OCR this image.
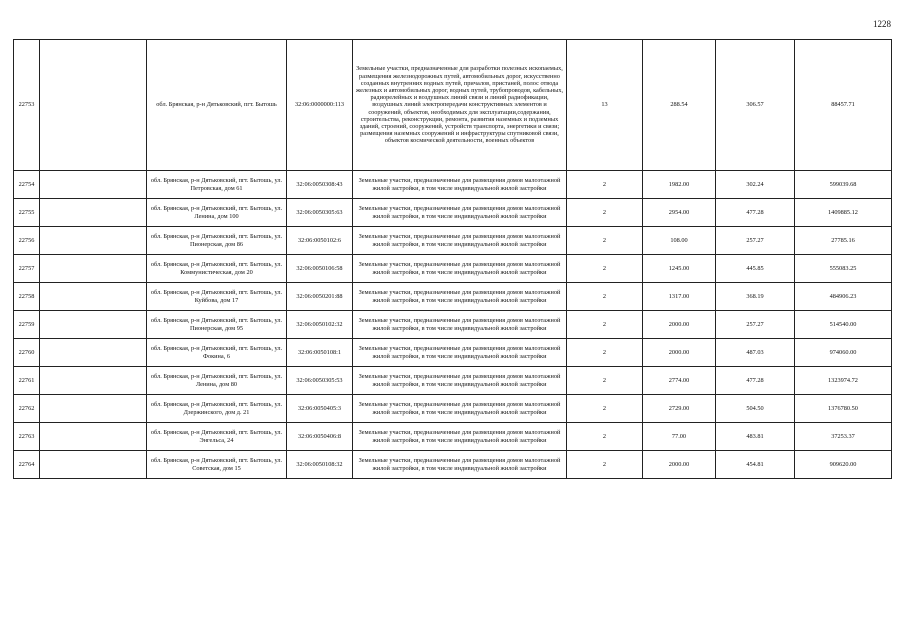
1228
22753		обл. Брянская, р-н Дятьковский, пгт. Бытошь	32:06:0000000:113	Земельные участки, предназначенные для разработки полезных ископаемых, размещения железнодорожных путей, автомобильных дорог, искусственно созданных внутренних водных путей, причалов, пристаней, полос отвода железных и автомобильных дорог, водных путей, трубопроводов, кабельных, радиорелейных и воздушных линий связи и линий радиофикации, воздушных линий электропередачи конструктивных элементов и сооружений, объектов, необходимых для эксплуатации,содержания, строительства, реконструкции, ремонта, развития наземных и подземных зданий, строений, сооружений, устройств транспорта, энергетики и связи; размещения наземных сооружений и инфраструктуры спутниковой связи, объектов космической деятельности, военных объектов	13	288.54	306.57	88457.71
22754		обл. Брянская, р-н Дятьковский, пгт. Бытошь, ул. Петровская, дом 61	32:06:0050308:43	Земельные участки, предназначенные для размещения домов малоэтажной жилой застройки, в том числе индивидуальной жилой застройки	2	1982.00	302.24	599039.68
22755		обл. Брянская, р-н Дятьковский, пгт. Бытошь, ул. Ленина, дом 100	32:06:0050305:63	Земельные участки, предназначенные для размещения домов малоэтажной жилой застройки, в том числе индивидуальной жилой застройки	2	2954.00	477.28	1409885.12
22756		обл. Брянская, р-н Дятьковский, пгт. Бытошь, ул. Пионерская, дом 86	32:06:0050102:6	Земельные участки, предназначенные для размещения домов малоэтажной жилой застройки, в том числе индивидуальной жилой застройки	2	108.00	257.27	27785.16
22757		обл. Брянская, р-н Дятьковский, пгт. Бытошь, ул. Коммунистическая, дом 20	32:06:0050106:58	Земельные участки, предназначенные для размещения домов малоэтажной жилой застройки, в том числе индивидуальной жилой застройки	2	1245.00	445.85	555083.25
22758		обл. Брянская, р-н Дятьковский, пгт. Бытошь, ул. Куйбова, дом 17	32:06:0050201:88	Земельные участки, предназначенные для размещения домов малоэтажной жилой застройки, в том числе индивидуальной жилой застройки	2	1317.00	368.19	484906.23
22759		обл. Брянская, р-н Дятьковский, пгт. Бытошь, ул. Пионерская, дом 95	32:06:0050102:32	Земельные участки, предназначенные для размещения домов малоэтажной жилой застройки, в том числе индивидуальной жилой застройки	2	2000.00	257.27	514540.00
22760		обл. Брянская, р-н Дятьковский, пгт. Бытошь, ул. Фокина, 6	32:06:0050108:1	Земельные участки, предназначенные для размещения домов малоэтажной жилой застройки, в том числе индивидуальной жилой застройки	2	2000.00	487.03	974060.00
22761		обл. Брянская, р-н Дятьковский, пгт. Бытошь, ул. Ленина, дом 80	32:06:0050305:53	Земельные участки, предназначенные для размещения домов малоэтажной жилой застройки, в том числе индивидуальной жилой застройки	2	2774.00	477.28	1323974.72
22762		обл. Брянская, р-н Дятьковский, пгт. Бытошь, ул. Дзержинского, дом д. 21	32:06:0050405:3	Земельные участки, предназначенные для размещения домов малоэтажной жилой застройки, в том числе индивидуальной жилой застройки	2	2729.00	504.50	1376780.50
22763		обл. Брянская, р-н Дятьковский, пгт. Бытошь, ул. Энгельса, 24	32:06:0050406:8	Земельные участки, предназначенные для размещения домов малоэтажной жилой застройки, в том числе индивидуальной жилой застройки	2	77.00	483.81	37253.37
22764		обл. Брянская, р-н Дятьковский, пгт. Бытошь, ул. Советская, дом 15	32:06:0050108:32	Земельные участки, предназначенные для размещения домов малоэтажной жилой застройки, в том числе индивидуальной жилой застройки	2	2000.00	454.81	909620.00
